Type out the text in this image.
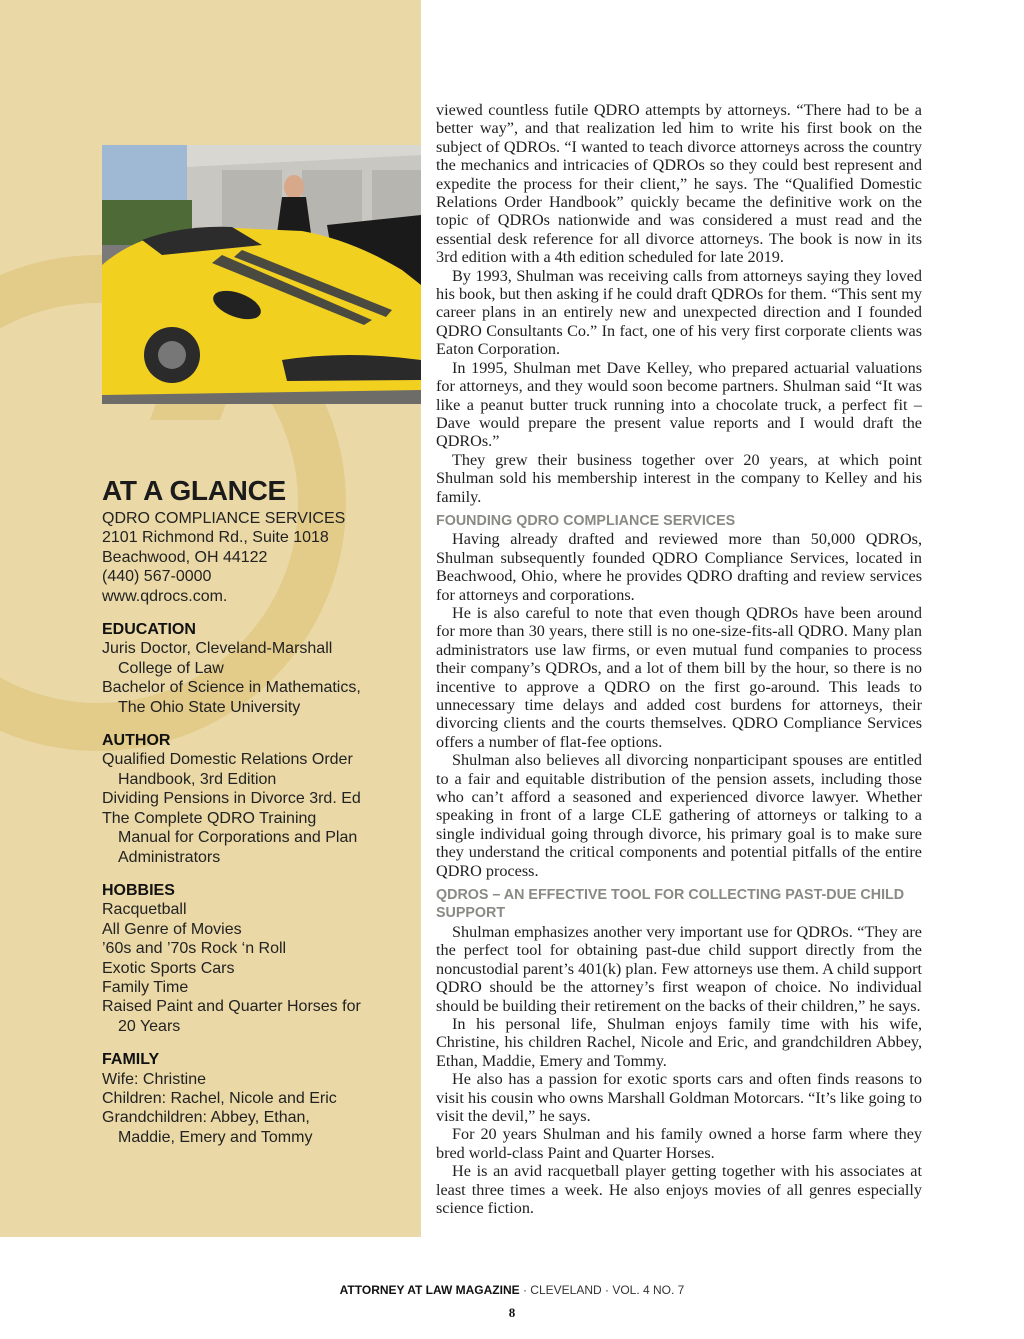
AT A GLANCE
QDRO COMPLIANCE SERVICES
2101 Richmond Rd., Suite 1018
Beachwood, OH 44122
(440) 567-0000
www.qdrocs.com.
EDUCATION
Juris Doctor, Cleveland-Marshall
College of Law
Bachelor of Science in Mathematics,
The Ohio State University
AUTHOR
Qualified Domestic Relations Order
Handbook, 3rd Edition
Dividing Pensions in Divorce 3rd. Ed
The Complete QDRO Training
Manual for Corporations and Plan
Administrators
HOBBIES
Racquetball
All Genre of Movies
’60s and ’70s Rock ‘n Roll
Exotic Sports Cars
Family Time
Raised Paint and Quarter Horses for
20 Years
FAMILY
Wife: Christine
Children: Rachel, Nicole and Eric
Grandchildren: Abbey, Ethan,
Maddie, Emery and Tommy

viewed countless futile QDRO attempts by attorneys. “There had to be a better way”, and that realization led him to write his first book on the subject of QDROs. “I wanted to teach divorce attorneys across the country the mechanics and intricacies of QDROs so they could best represent and expedite the process for their client,” he says. The “Qualified Domestic Relations Order Handbook” quickly became the definitive work on the topic of QDROs nationwide and was considered a must read and the essential desk reference for all divorce attorneys. The book is now in its 3rd edition with a 4th edition scheduled for late 2019.

By 1993, Shulman was receiving calls from attorneys saying they loved his book, but then asking if he could draft QDROs for them. “This sent my career plans in an entirely new and unexpected direction and I founded QDRO Consultants Co.” In fact, one of his very first corporate clients was Eaton Corporation.

In 1995, Shulman met Dave Kelley, who prepared actuarial valuations for attorneys, and they would soon become partners. Shulman said “It was like a peanut butter truck running into a chocolate truck, a perfect fit – Dave would prepare the present value reports and I would draft the QDROs.”

They grew their business together over 20 years, at which point Shulman sold his membership interest in the company to Kelley and his family.

FOUNDING QDRO COMPLIANCE SERVICES

Having already drafted and reviewed more than 50,000 QDROs, Shulman subsequently founded QDRO Compliance Services, located in Beachwood, Ohio, where he provides QDRO drafting and review services for attorneys and corporations.

He is also careful to note that even though QDROs have been around for more than 30 years, there still is no one-size-fits-all QDRO. Many plan administrators use law firms, or even mutual fund companies to process their company’s QDROs, and a lot of them bill by the hour, so there is no incentive to approve a QDRO on the first go-around. This leads to unnecessary time delays and added cost burdens for attorneys, their divorcing clients and the courts themselves. QDRO Compliance Services offers a number of flat-fee options.

Shulman also believes all divorcing nonparticipant spouses are entitled to a fair and equitable distribution of the pension assets, including those who can’t afford a seasoned and experienced divorce lawyer. Whether speaking in front of a large CLE gathering of attorneys or talking to a single individual going through divorce, his primary goal is to make sure they understand the critical components and potential pitfalls of the entire QDRO process.

QDROS – AN EFFECTIVE TOOL FOR COLLECTING PAST-DUE CHILD SUPPORT

Shulman emphasizes another very important use for QDROs. “They are the perfect tool for obtaining past-due child support directly from the noncustodial parent’s 401(k) plan. Few attorneys use them. A child support QDRO should be the attorney’s first weapon of choice. No individual should be building their retirement on the backs of their children,” he says.

In his personal life, Shulman enjoys family time with his wife, Christine, his children Rachel, Nicole and Eric, and grandchildren Abbey, Ethan, Maddie, Emery and Tommy.

He also has a passion for exotic sports cars and often finds reasons to visit his cousin who owns Marshall Goldman Motorcars. “It’s like going to visit the devil,” he says.

For 20 years Shulman and his family owned a horse farm where they bred world-class Paint and Quarter Horses.

He is an avid racquetball player getting together with his associates at least three times a week. He also enjoys movies of all genres especially science fiction.

ATTORNEY AT LAW MAGAZINE · CLEVELAND · VOL. 4 NO. 7
8
